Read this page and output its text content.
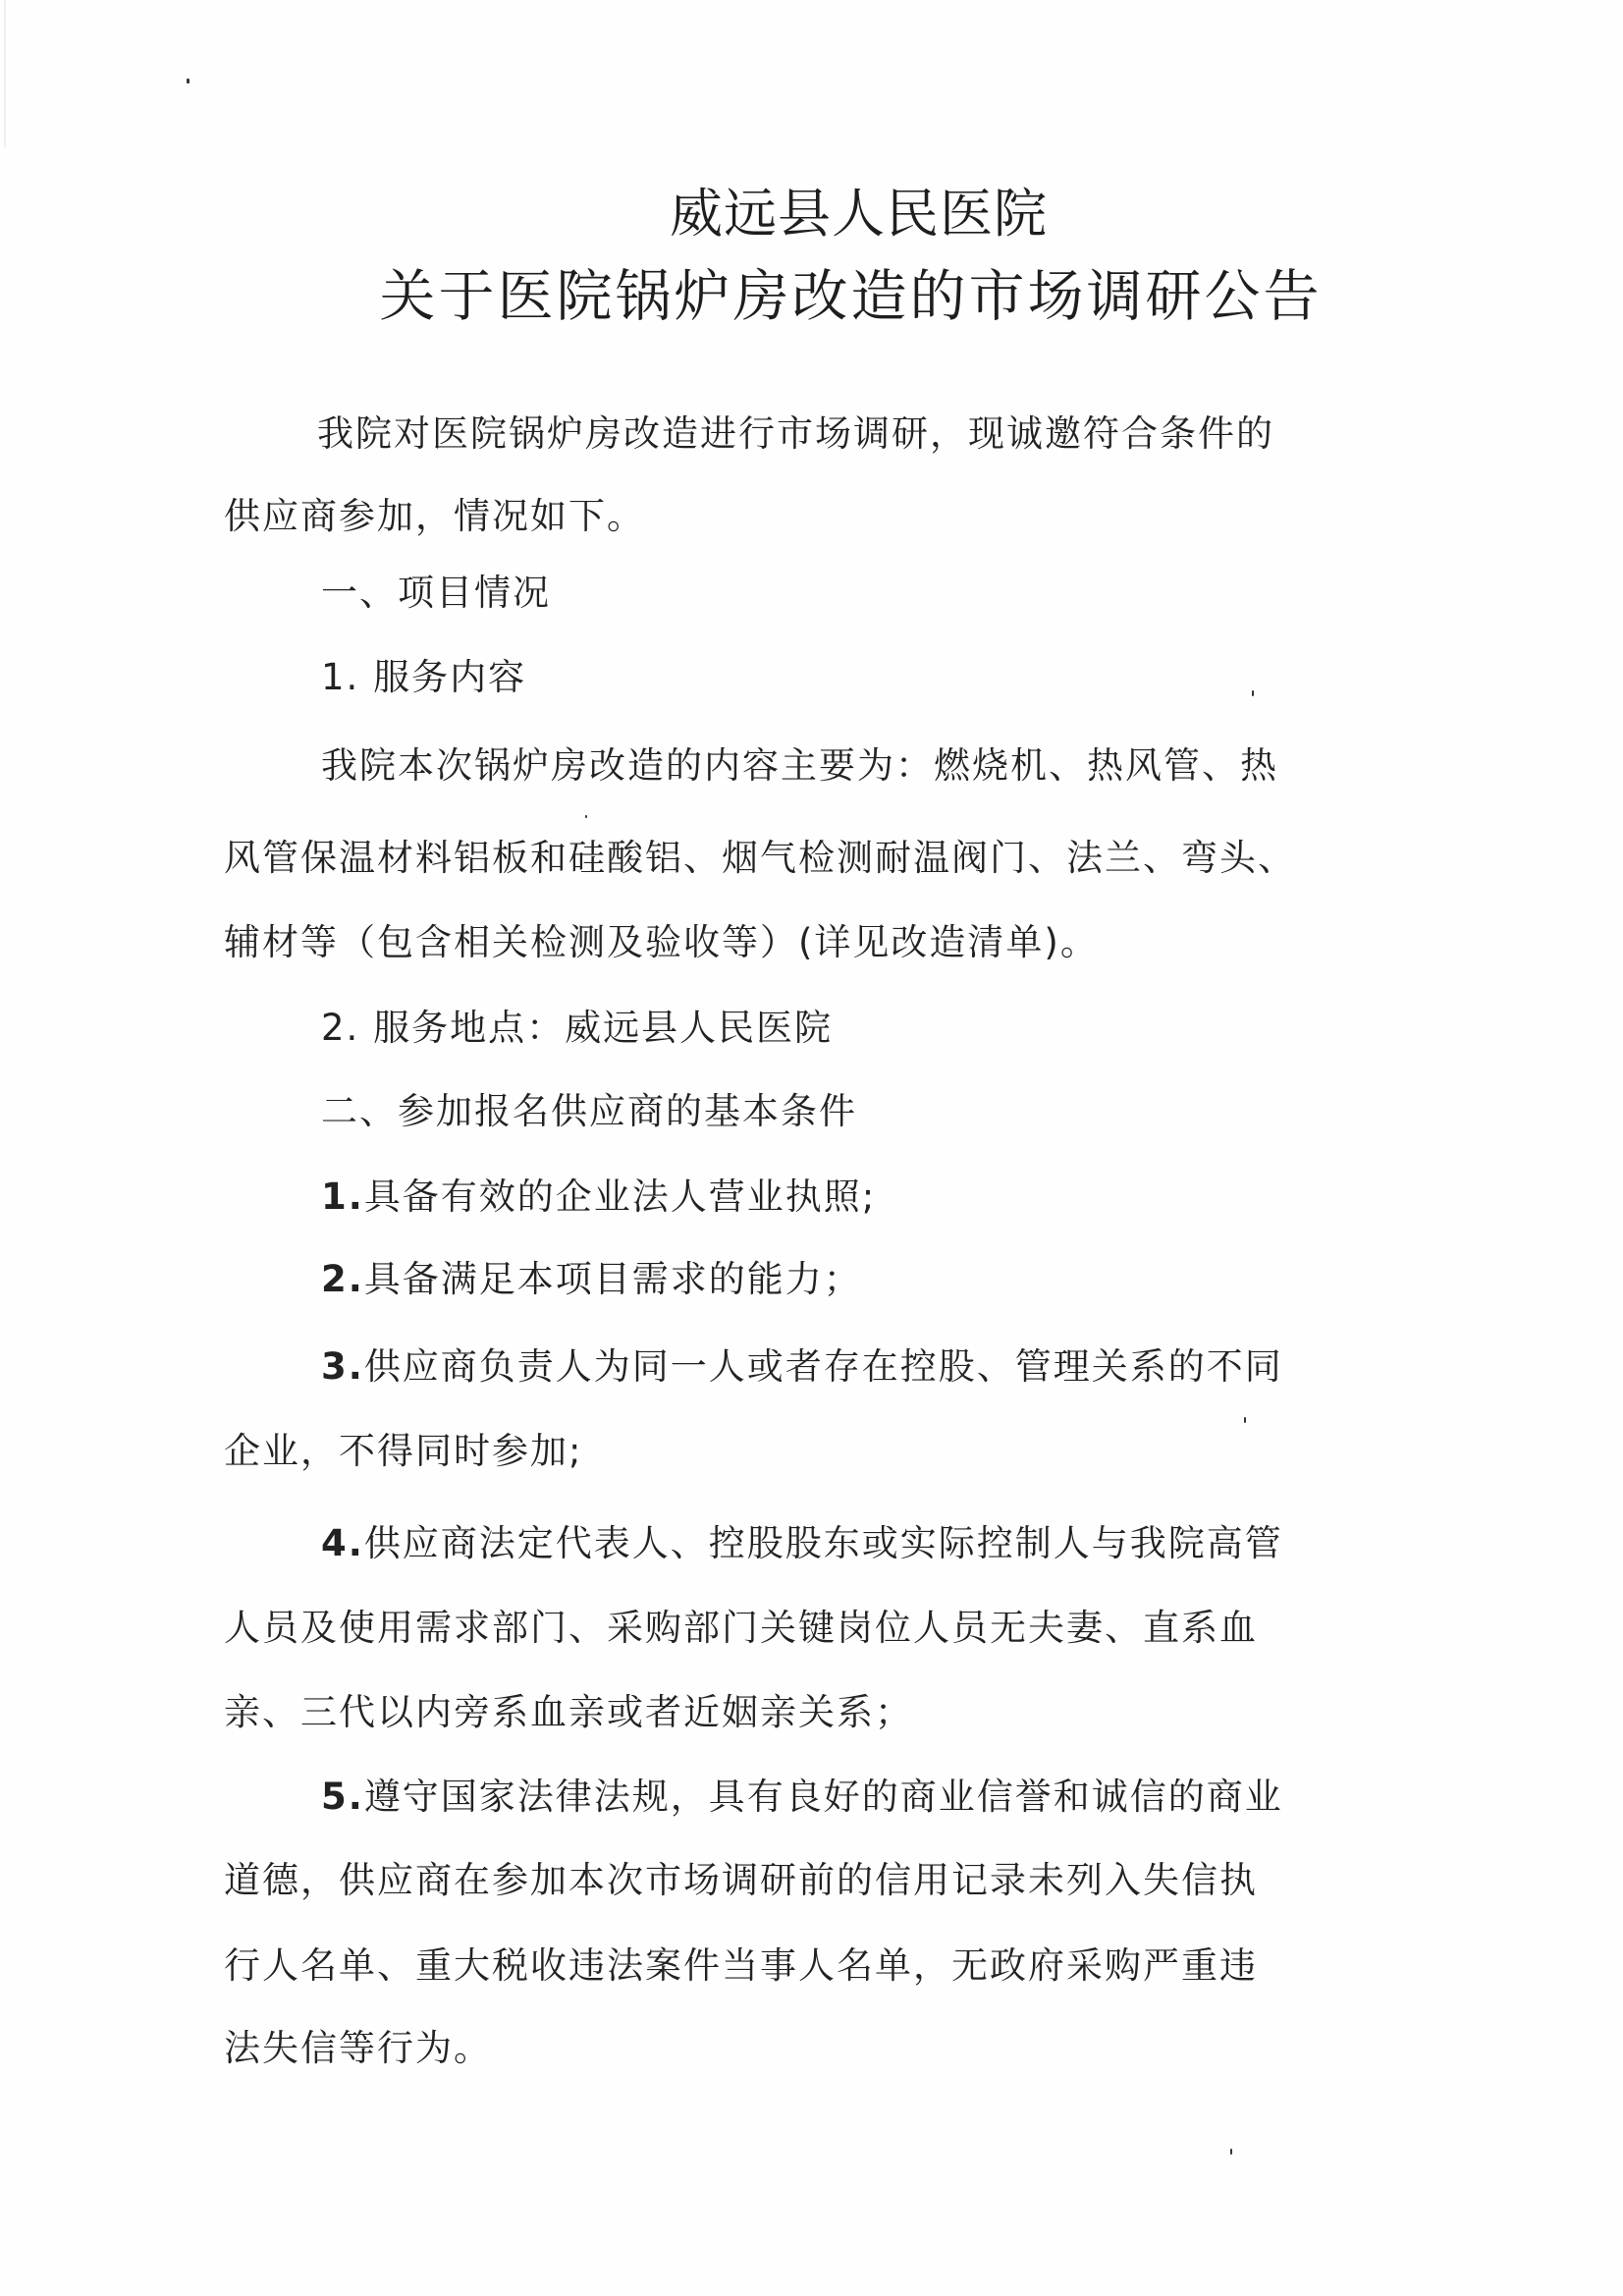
威远县人民医院
关于医院锅炉房改造的市场调研公告
我院对医院锅炉房改造进行市场调研，现诚邀符合条件的
供应商参加，情况如下。
一、项目情况
1. 服务内容
我院本次锅炉房改造的内容主要为：燃烧机、热风管、热
风管保温材料铝板和硅酸铝、烟气检测耐温阀门、法兰、弯头、
辅材等（包含相关检测及验收等）(详见改造清单)。
2. 服务地点：威远县人民医院
二、参加报名供应商的基本条件
1.具备有效的企业法人营业执照;
2.具备满足本项目需求的能力；
3.供应商负责人为同一人或者存在控股、管理关系的不同
企业，不得同时参加;
4.供应商法定代表人、控股股东或实际控制人与我院高管
人员及使用需求部门、采购部门关键岗位人员无夫妻、直系血
亲、三代以内旁系血亲或者近姻亲关系；
5.遵守国家法律法规，具有良好的商业信誉和诚信的商业
道德，供应商在参加本次市场调研前的信用记录未列入失信执
行人名单、重大税收违法案件当事人名单，无政府采购严重违
法失信等行为。
